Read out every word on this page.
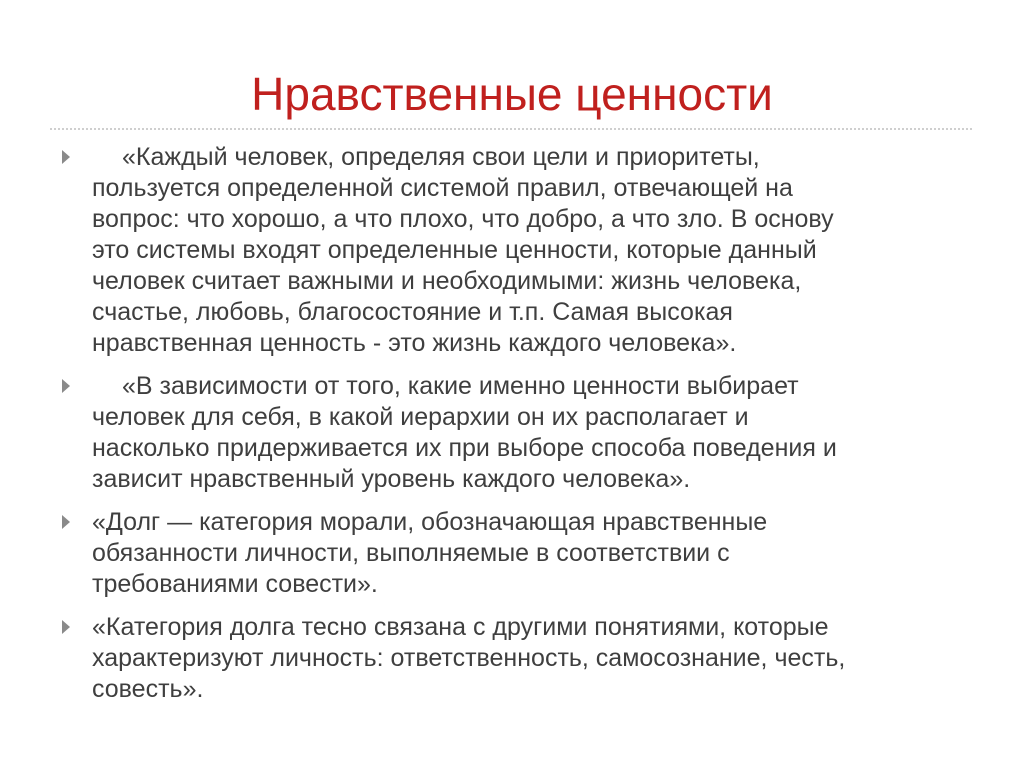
Нравственные ценности
«Каждый человек, определяя свои цели и приоритеты,
пользуется определенной системой правил, отвечающей на
вопрос: что хорошо, а что плохо, что добро, а что зло. В основу
это системы входят определенные ценности, которые данный
человек считает важными и необходимыми: жизнь человека,
счастье, любовь, благосостояние и т.п. Самая высокая
нравственная ценность - это жизнь каждого человека».
«В зависимости от того, какие именно ценности выбирает
человек для себя, в какой иерархии он их располагает и
насколько придерживается их при выборе способа поведения и
зависит нравственный уровень каждого человека».
«Долг — категория морали, обозначающая нравственные
обязанности личности, выполняемые в соответствии с
требованиями совести».
«Категория долга тесно связана с другими понятиями, которые
характеризуют личность: ответственность, самосознание, честь,
совесть».
